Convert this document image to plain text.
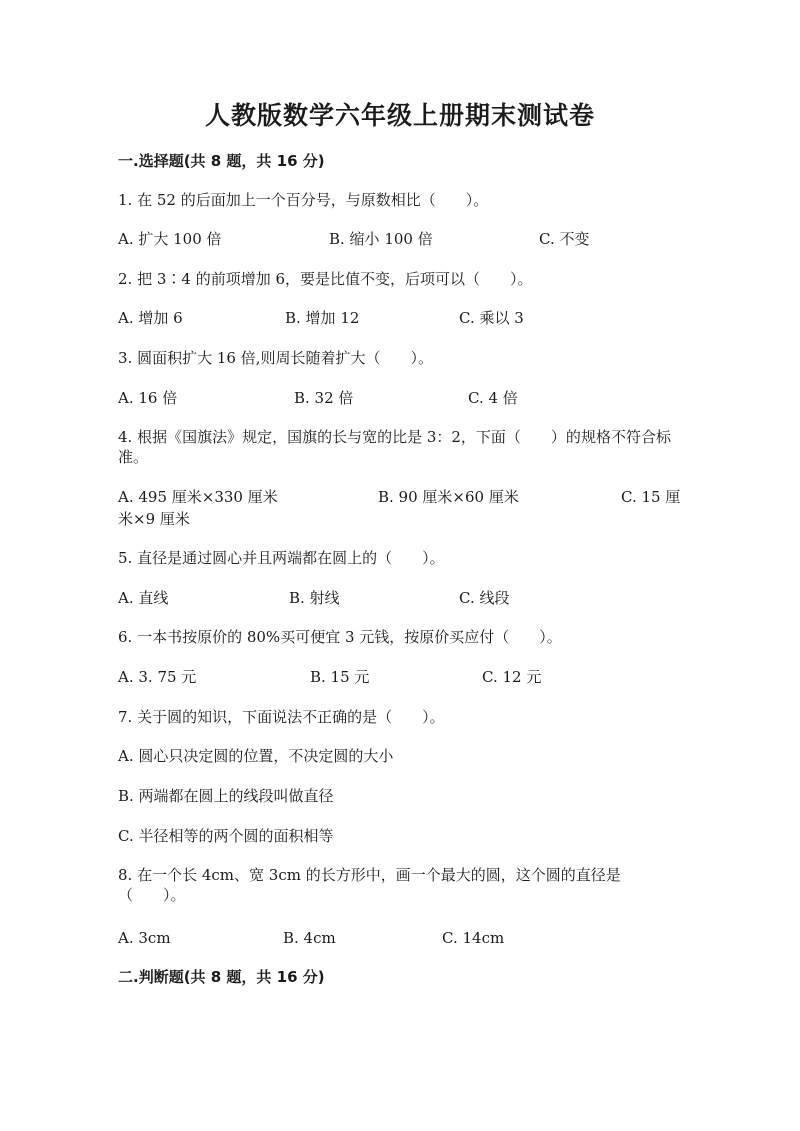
人教版数学六年级上册期末测试卷
一.选择题(共 8 题，共 16 分)
1. 在 52 的后面加上一个百分号，与原数相比（　　）。
A. 扩大 100 倍	B. 缩小 100 倍	C. 不变
2. 把 3∶4 的前项增加 6，要是比值不变，后项可以（　　）。
A. 增加 6	B. 增加 12	C. 乘以 3
3. 圆面积扩大 16 倍,则周长随着扩大（　　）。
A. 16 倍	B. 32 倍	C. 4 倍
4. 根据《国旗法》规定，国旗的长与宽的比是 3：2，下面（　　）的规格不符合标准。
A. 495 厘米×330 厘米	B. 90 厘米×60 厘米	C. 15 厘
米×9 厘米
5. 直径是通过圆心并且两端都在圆上的（　　）。
A. 直线	B. 射线	C. 线段
6. 一本书按原价的 80%买可便宜 3 元钱，按原价买应付（　　）。
A. 3. 75 元	B. 15 元	C. 12 元
7. 关于圆的知识，下面说法不正确的是（　　）。
A. 圆心只决定圆的位置，不决定圆的大小
B. 两端都在圆上的线段叫做直径
C. 半径相等的两个圆的面积相等
8. 在一个长 4cm、宽 3cm 的长方形中，画一个最大的圆，这个圆的直径是（　　）。
A. 3cm	B. 4cm	C. 14cm
二.判断题(共 8 题，共 16 分)
